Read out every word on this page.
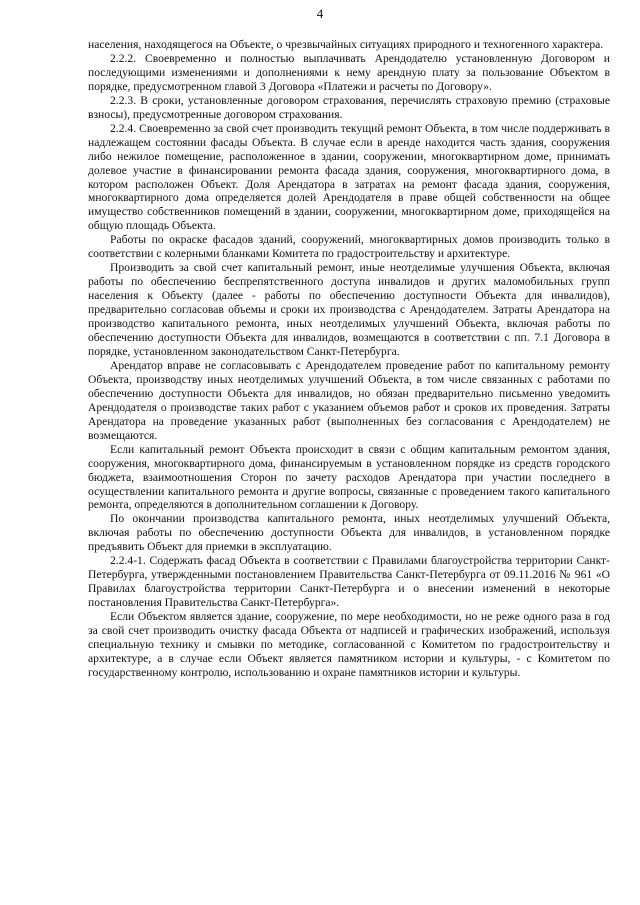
4

населения, находящегося на Объекте, о чрезвычайных ситуациях природного и техногенного характера.

2.2.2. Своевременно и полностью выплачивать Арендодателю установленную Договором и последующими изменениями и дополнениями к нему арендную плату за пользование Объектом в порядке, предусмотренном главой 3 Договора «Платежи и расчеты по Договору».

2.2.3. В сроки, установленные договором страхования, перечислять страховую премию (страховые взносы), предусмотренные договором страхования.

2.2.4. Своевременно за свой счет производить текущий ремонт Объекта, в том числе поддерживать в надлежащем состоянии фасады Объекта. В случае если в аренде находится часть здания, сооружения либо нежилое помещение, расположенное в здании, сооружении, многоквартирном доме, принимать долевое участие в финансировании ремонта фасада здания, сооружения, многоквартирного дома, в котором расположен Объект. Доля Арендатора в затратах на ремонт фасада здания, сооружения, многоквартирного дома определяется долей Арендодателя в праве общей собственности на общее имущество собственников помещений в здании, сооружении, многоквартирном доме, приходящейся на общую площадь Объекта.

Работы по окраске фасадов зданий, сооружений, многоквартирных домов производить только в соответствии с колерными бланками Комитета по градостроительству и архитектуре.

Производить за свой счет капитальный ремонт, иные неотделимые улучшения Объекта, включая работы по обеспечению беспрепятственного доступа инвалидов и других маломобильных групп населения к Объекту (далее - работы по обеспечению доступности Объекта для инвалидов), предварительно согласовав объемы и сроки их производства с Арендодателем. Затраты Арендатора на производство капитального ремонта, иных неотделимых улучшений Объекта, включая работы по обеспечению доступности Объекта для инвалидов, возмещаются в соответствии с пп. 7.1 Договора в порядке, установленном законодательством Санкт-Петербурга.

Арендатор вправе не согласовывать с Арендодателем проведение работ по капитальному ремонту Объекта, производству иных неотделимых улучшений Объекта, в том числе связанных с работами по обеспечению доступности Объекта для инвалидов, но обязан предварительно письменно уведомить Арендодателя о производстве таких работ с указанием объемов работ и сроков их проведения. Затраты Арендатора на проведение указанных работ (выполненных без согласования с Арендодателем) не возмещаются.

Если капитальный ремонт Объекта происходит в связи с общим капитальным ремонтом здания, сооружения, многоквартирного дома, финансируемым в установленном порядке из средств городского бюджета, взаимоотношения Сторон по зачету расходов Арендатора при участии последнего в осуществлении капитального ремонта и другие вопросы, связанные с проведением такого капитального ремонта, определяются в дополнительном соглашении к Договору.

По окончании производства капитального ремонта, иных неотделимых улучшений Объекта, включая работы по обеспечению доступности Объекта для инвалидов, в установленном порядке предъявить Объект для приемки в эксплуатацию.

2.2.4-1. Содержать фасад Объекта в соответствии с Правилами благоустройства территории Санкт-Петербурга, утвержденными постановлением Правительства Санкт-Петербурга от 09.11.2016 № 961 «О Правилах благоустройства территории Санкт-Петербурга и о внесении изменений в некоторые постановления Правительства Санкт-Петербурга».

Если Объектом является здание, сооружение, по мере необходимости, но не реже одного раза в год за свой счет производить очистку фасада Объекта от надписей и графических изображений, используя специальную технику и смывки по методике, согласованной с Комитетом по градостроительству и архитектуре, а в случае если Объект является памятником истории и культуры, - с Комитетом по государственному контролю, использованию и охране памятников истории и культуры.
